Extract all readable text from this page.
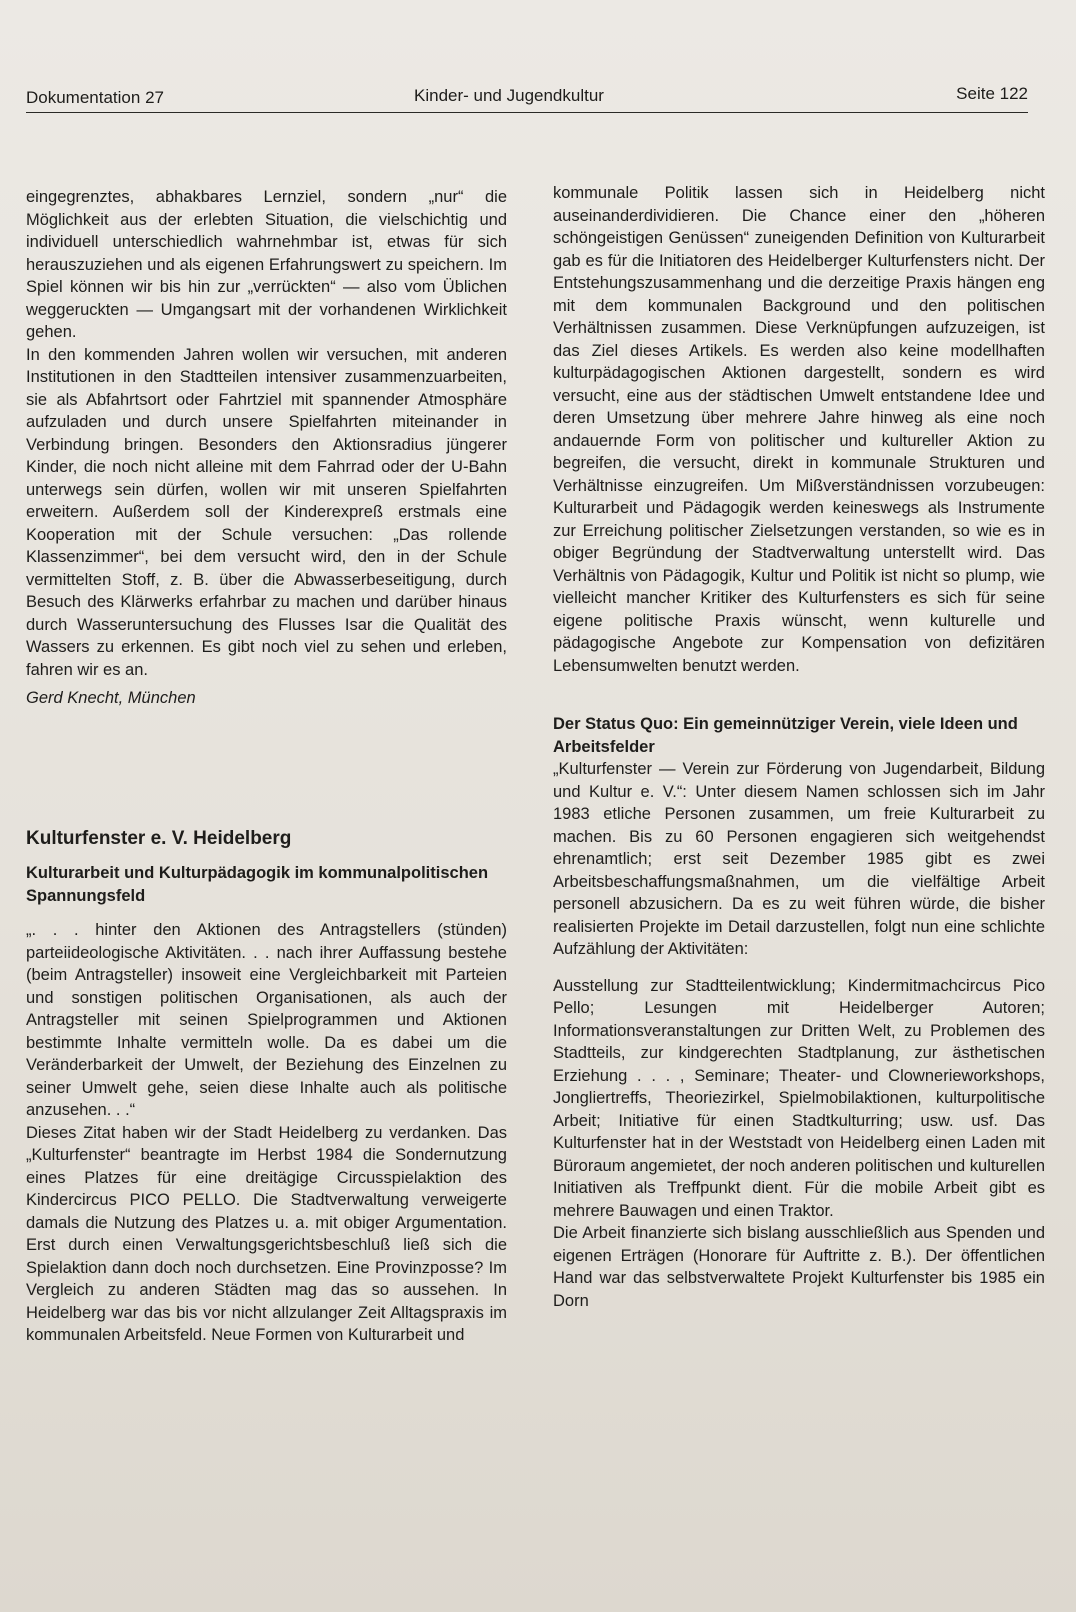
Dokumentation 27	Kinder- und Jugendkultur	Seite 122

eingegrenztes, abhakbares Lernziel, sondern „nur“ die Möglichkeit aus der erlebten Situation, die vielschichtig und individuell unterschiedlich wahrnehmbar ist, etwas für sich herauszuziehen und als eigenen Erfahrungswert zu speichern. Im Spiel können wir bis hin zur „verrückten“ — also vom Üblichen weggeruckten — Umgangsart mit der vorhandenen Wirklichkeit gehen.

In den kommenden Jahren wollen wir versuchen, mit anderen Institutionen in den Stadtteilen intensiver zusammenzuarbeiten, sie als Abfahrtsort oder Fahrtziel mit spannender Atmosphäre aufzuladen und durch unsere Spielfahrten miteinander in Verbindung bringen. Besonders den Aktionsradius jüngerer Kinder, die noch nicht alleine mit dem Fahrrad oder der U-Bahn unterwegs sein dürfen, wollen wir mit unseren Spielfahrten erweitern. Außerdem soll der Kinderexpreß erstmals eine Kooperation mit der Schule versuchen: „Das rollende Klassenzimmer“, bei dem versucht wird, den in der Schule vermittelten Stoff, z. B. über die Abwasserbeseitigung, durch Besuch des Klärwerks erfahrbar zu machen und darüber hinaus durch Wasseruntersuchung des Flusses Isar die Qualität des Wassers zu erkennen. Es gibt noch viel zu sehen und erleben, fahren wir es an.

Gerd Knecht, München

Kulturfenster e. V. Heidelberg

Kulturarbeit und Kulturpädagogik im kommunalpolitischen Spannungsfeld

„. . . hinter den Aktionen des Antragstellers (stünden) parteiideologische Aktivitäten. . . nach ihrer Auffassung bestehe (beim Antragsteller) insoweit eine Vergleichbarkeit mit Parteien und sonstigen politischen Organisationen, als auch der Antragsteller mit seinen Spielprogrammen und Aktionen bestimmte Inhalte vermitteln wolle. Da es dabei um die Veränderbarkeit der Umwelt, der Beziehung des Einzelnen zu seiner Umwelt gehe, seien diese Inhalte auch als politische anzusehen. . .“

Dieses Zitat haben wir der Stadt Heidelberg zu verdanken. Das „Kulturfenster“ beantragte im Herbst 1984 die Sondernutzung eines Platzes für eine dreitägige Circusspielaktion des Kindercircus PICO PELLO. Die Stadtverwaltung verweigerte damals die Nutzung des Platzes u. a. mit obiger Argumentation. Erst durch einen Verwaltungsgerichtsbeschluß ließ sich die Spielaktion dann doch noch durchsetzen. Eine Provinzposse? Im Vergleich zu anderen Städten mag das so aussehen. In Heidelberg war das bis vor nicht allzulanger Zeit Alltagspraxis im kommunalen Arbeitsfeld. Neue Formen von Kulturarbeit und

kommunale Politik lassen sich in Heidelberg nicht auseinanderdividieren. Die Chance einer den „höheren schöngeistigen Genüssen“ zuneigenden Definition von Kulturarbeit gab es für die Initiatoren des Heidelberger Kulturfensters nicht. Der Entstehungszusammenhang und die derzeitige Praxis hängen eng mit dem kommunalen Background und den politischen Verhältnissen zusammen. Diese Verknüpfungen aufzuzeigen, ist das Ziel dieses Artikels. Es werden also keine modellhaften kulturpädagogischen Aktionen dargestellt, sondern es wird versucht, eine aus der städtischen Umwelt entstandene Idee und deren Umsetzung über mehrere Jahre hinweg als eine noch andauernde Form von politischer und kultureller Aktion zu begreifen, die versucht, direkt in kommunale Strukturen und Verhältnisse einzugreifen. Um Mißverständnissen vorzubeugen: Kulturarbeit und Pädagogik werden keineswegs als Instrumente zur Erreichung politischer Zielsetzungen verstanden, so wie es in obiger Begründung der Stadtverwaltung unterstellt wird. Das Verhältnis von Pädagogik, Kultur und Politik ist nicht so plump, wie vielleicht mancher Kritiker des Kulturfensters es sich für seine eigene politische Praxis wünscht, wenn kulturelle und pädagogische Angebote zur Kompensation von defizitären Lebensumwelten benutzt werden.

Der Status Quo: Ein gemeinnütziger Verein, viele Ideen und Arbeitsfelder

„Kulturfenster — Verein zur Förderung von Jugendarbeit, Bildung und Kultur e. V.“: Unter diesem Namen schlossen sich im Jahr 1983 etliche Personen zusammen, um freie Kulturarbeit zu machen. Bis zu 60 Personen engagieren sich weitgehendst ehrenamtlich; erst seit Dezember 1985 gibt es zwei Arbeitsbeschaffungsmaßnahmen, um die vielfältige Arbeit personell abzusichern. Da es zu weit führen würde, die bisher realisierten Projekte im Detail darzustellen, folgt nun eine schlichte Aufzählung der Aktivitäten:

Ausstellung zur Stadtteilentwicklung; Kindermitmachcircus Pico Pello; Lesungen mit Heidelberger Autoren; Informationsveranstaltungen zur Dritten Welt, zu Problemen des Stadtteils, zur kindgerechten Stadtplanung, zur ästhetischen Erziehung . . . , Seminare; Theater- und Clownerieworkshops, Jongliertreffs, Theoriezirkel, Spielmobilaktionen, kulturpolitische Arbeit; Initiative für einen Stadtkulturring; usw. usf. Das Kulturfenster hat in der Weststadt von Heidelberg einen Laden mit Büroraum angemietet, der noch anderen politischen und kulturellen Initiativen als Treffpunkt dient. Für die mobile Arbeit gibt es mehrere Bauwagen und einen Traktor.

Die Arbeit finanzierte sich bislang ausschließlich aus Spenden und eigenen Erträgen (Honorare für Auftritte z. B.). Der öffentlichen Hand war das selbstverwaltete Projekt Kulturfenster bis 1985 ein Dorn
